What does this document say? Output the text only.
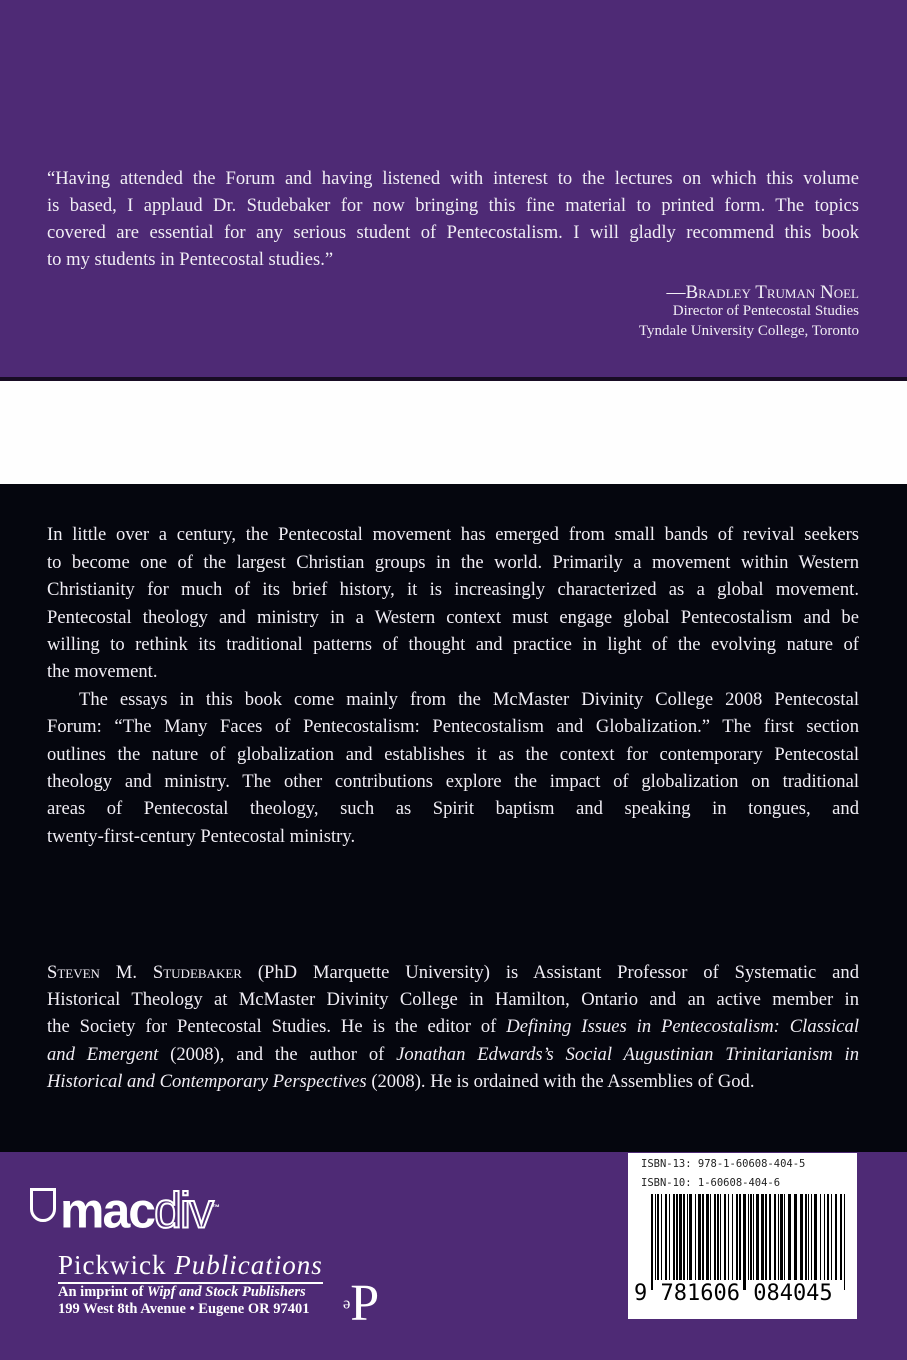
“Having attended the Forum and having listened with interest to the lectures on which this volume
is based, I applaud Dr. Studebaker for now bringing this fine material to printed form. The topics
covered are essential for any serious student of Pentecostalism. I will gladly recommend this book
to my students in Pentecostal studies.”
—Bradley Truman Noel
Director of Pentecostal Studies
Tyndale University College, Toronto
In little over a century, the Pentecostal movement has emerged from small bands of revival seekers
to become one of the largest Christian groups in the world. Primarily a movement within Western
Christianity for much of its brief history, it is increasingly characterized as a global movement.
Pentecostal theology and ministry in a Western context must engage global Pentecostalism and be
willing to rethink its traditional patterns of thought and practice in light of the evolving nature of
the movement.
The essays in this book come mainly from the McMaster Divinity College 2008 Pentecostal
Forum: “The Many Faces of Pentecostalism: Pentecostalism and Globalization.” The first section
outlines the nature of globalization and establishes it as the context for contemporary Pentecostal
theology and ministry. The other contributions explore the impact of globalization on traditional
areas of Pentecostal theology, such as Spirit baptism and speaking in tongues, and
twenty-first-century Pentecostal ministry.
Steven M. Studebaker (PhD Marquette University) is Assistant Professor of Systematic and
Historical Theology at McMaster Divinity College in Hamilton, Ontario and an active member in
the Society for Pentecostal Studies. He is the editor of Defining Issues in Pentecostalism: Classical
and Emergent (2008), and the author of Jonathan Edwards’s Social Augustinian Trinitarianism in
Historical and Contemporary Perspectives (2008). He is ordained with the Assemblies of God.
macdiv™
Pickwick Publications
An imprint of Wipf and Stock Publishers
199 West 8th Avenue • Eugene OR 97401 $^ₔ$P
ISBN-13: 978-1-60608-404-5
ISBN-10: 1-60608-404-6
9 781606 084045
